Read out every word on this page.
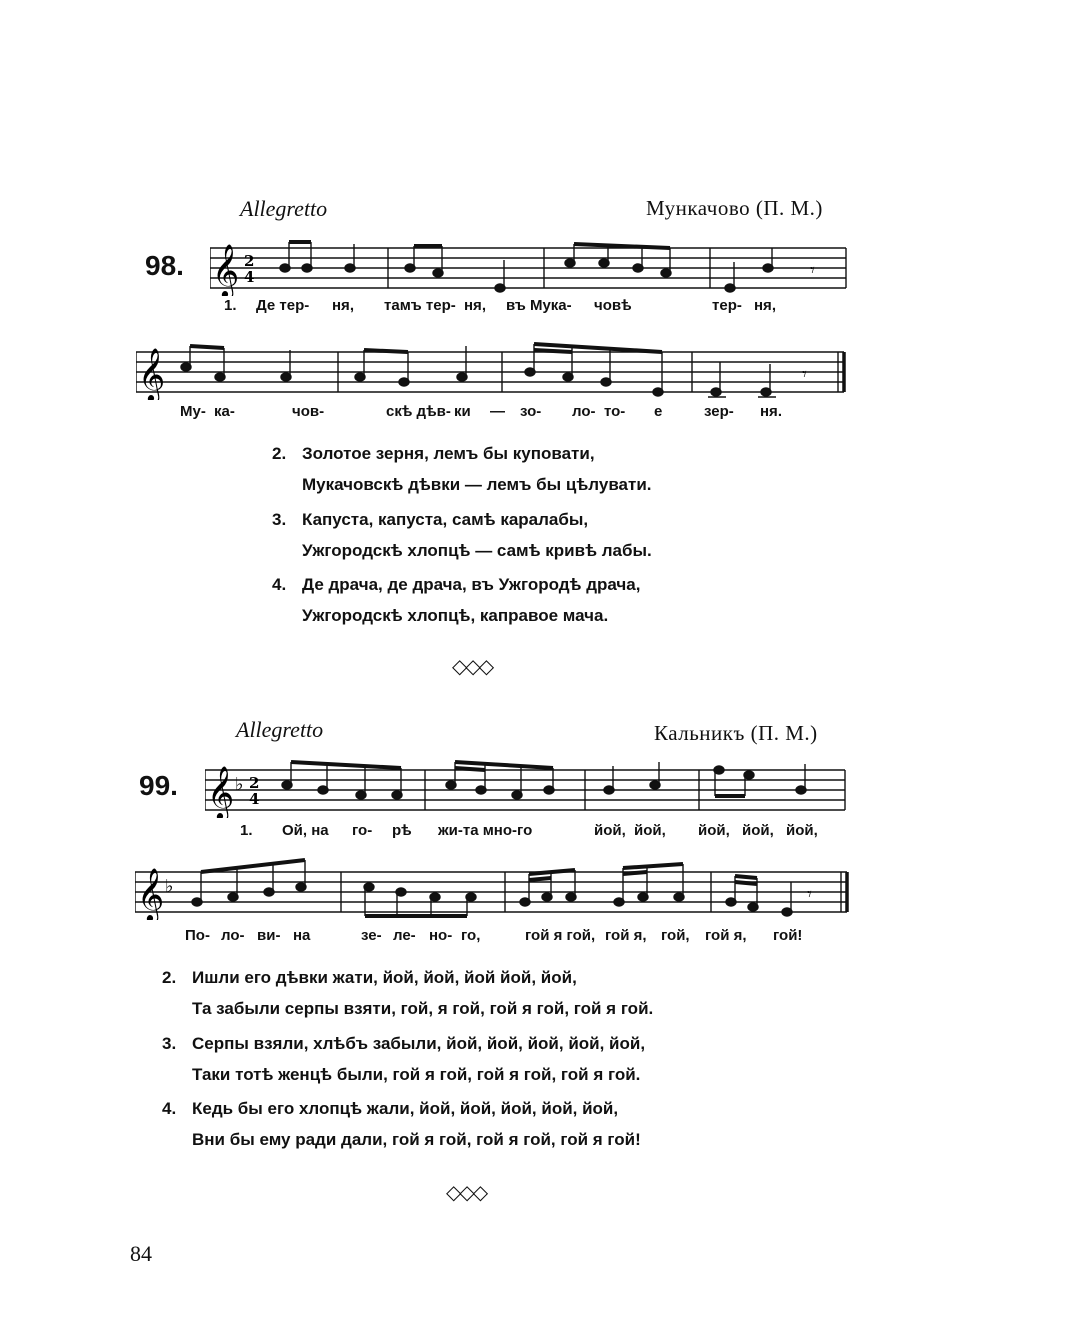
Allegretto	Мункачово (П. М.)
98. 𝄞 2
4	𝄾
1. Де тер- ня, тамъ тер- ня, въ Мука- човѣ	тер- ня,
𝄞	𝄾
Му- ка-	чов-	скѣ дѣв- ки — зо- ло- то- е	зер- ня.
2. Золотое зерня, лемъ бы куповати,
Мукачовскѣ дѣвки — лемъ бы цѣлувати.
3. Капуста, капуста, самѣ каралабы,
Ужгородскѣ хлопцѣ — самѣ кривѣ лабы.
4. Де драча, де драча, въ Ужгородѣ драча,
Ужгородскѣ хлопцѣ, каправое мача.
◇◇◇
Allegretto	Кальникъ (П. М.)
99. 𝄞 ♭ 2
4
1. Ой, на го- рѣ жи-та мно-го	йой, йой, йой, йой, йой,
𝄞 ♭	𝄾
По- ло- ви- на	зе- ле- но- го,	гой я гой, гой я, гой, гой я, гой!
2. Ишли его дѣвки жати, йой, йой, йой йой, йой,
Та забыли серпы взяти, гой, я гой, гой я гой, гой я гой.
3. Серпы взяли, хлѣбъ забыли, йой, йой, йой, йой, йой,
Таки тотѣ женцѣ были, гой я гой, гой я гой, гой я гой.
4. Кедь бы его хлопцѣ жали, йой, йой, йой, йой, йой,
Вни бы ему ради дали, гой я гой, гой я гой, гой я гой!
◇◇◇
84
